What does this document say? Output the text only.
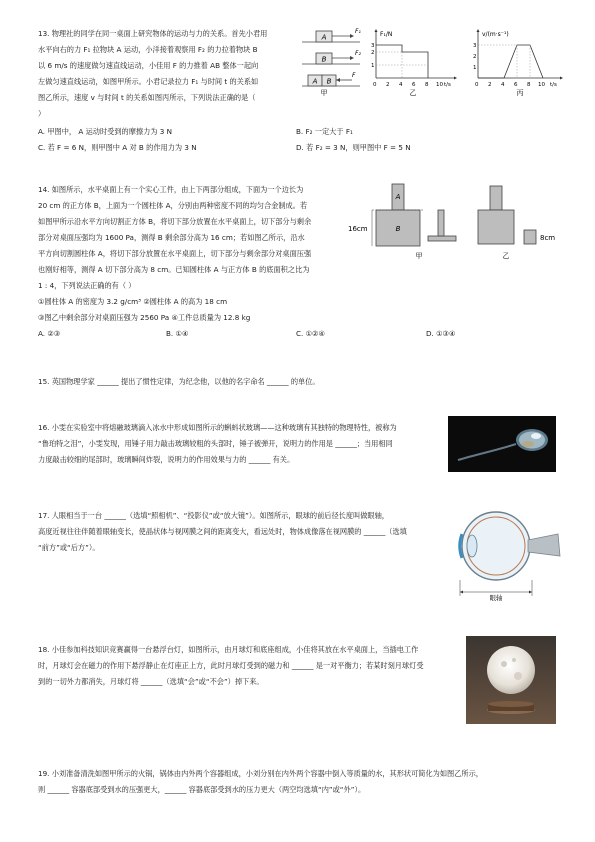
13. 物理社的同学在同一桌面上研究物体的运动与力的关系。首先小君用
水平向右的力 F₁ 拉物块 A 运动，小洋接着观察用 F₂ 的力拉着物块 B
以 6 m/s 的速度做匀速直线运动，小佳用 F 的力推着 AB 整体一起向
左做匀速直线运动，如图甲所示。小君记录拉力 F₁ 与时间 t 的关系如
图乙所示，速度 v 与时间 t 的关系如图丙所示，下列说法正确的是（
）
A. 甲图中， A 运动时受到的摩擦力为 3 N	B. F₂ 一定大于 F₁
C. 若 F = 6 N，则甲图中 A 对 B 的作用力为 3 N	D. 若 F₂ = 3 N，则甲图中 F = 5 N
A
B
A B
F₁
F₂
F
甲
F₁/N
t/s
3
2
1
0 2 4 6 8 10
乙
v/(m·s⁻¹)
t/s
3
2
1
0 2 4 6 8 10
丙
14. 如图所示，水平桌面上有一个实心工件，由上下两部分组成，下面为一个边长为
20 cm 的正方体 B，上面为一个圆柱体 A，分别由两种密度不同的均匀合金制成。若
如图甲所示沿水平方向切割正方体 B，将切下部分放置在水平桌面上，切下部分与剩余
部分对桌面压强均为 1600 Pa，测得 B 剩余部分高为 16 cm；若如图乙所示，沿水
平方向切割圆柱体 A，将切下部分放置在水平桌面上，切下部分与剩余部分对桌面压强
也刚好相等，测得 A 切下部分高为 8 cm。已知圆柱体 A 与正方体 B 的底面积之比为
1 : 4，下列说法正确的有（ ）
①圆柱体 A 的密度为 3.2 g/cm³ ②圆柱体 A 的高为 18 cm
③图乙中剩余部分对桌面压强为 2560 Pa ④工件总质量为 12.8 kg
A. ②③	B. ①④	C. ①②④	D. ①③④
A
B
16cm
甲
8cm
乙
15. 英国物理学家 ______ 提出了惯性定律，为纪念他，以他的名字命名 ______ 的单位。
16. 小雯在实验室中将熔融玻璃滴入冰水中形成如图所示的蝌蚪状玻璃——这种玻璃有其独特的物理特性，被称为
“鲁珀特之泪”，小雯发现，用锤子用力敲击玻璃较粗的头部时，锤子被弹开，说明力的作用是 ______；当用相同
力度敲击较细的尾部时，玻璃瞬间炸裂，说明力的作用效果与力的 ______ 有关。
17. 人眼相当于一台 ______（选填“照相机”、“投影仪”或“放大镜”）。如图所示，眼球的前后径长度叫做眼轴，
高度近视往往伴随着眼轴变长，使晶状体与视网膜之间的距离变大，看远处时，物体成像落在视网膜的 ______（选填
“前方”或“后方”）。
眼轴
18. 小佳参加科技知识竞赛赢得一台悬浮台灯，如图所示，由月球灯和底座组成，小佳将其放在水平桌面上，当插电工作
时，月球灯会在磁力的作用下悬浮静止在灯座正上方，此时月球灯受到的磁力和 ______ 是一对平衡力；若某时刻月球灯受
到的一切外力都消失，月球灯将 ______（选填“会”或“不会”）掉下来。
19. 小刘准备清洗如图甲所示的火锅，锅体由内外两个容器组成，小刘分别在内外两个容器中倒入等质量的水，其形状可简化为如图乙所示，
则 ______ 容器底部受到水的压强更大，______ 容器底部受到水的压力更大（两空均选填“内”或“外”）。
